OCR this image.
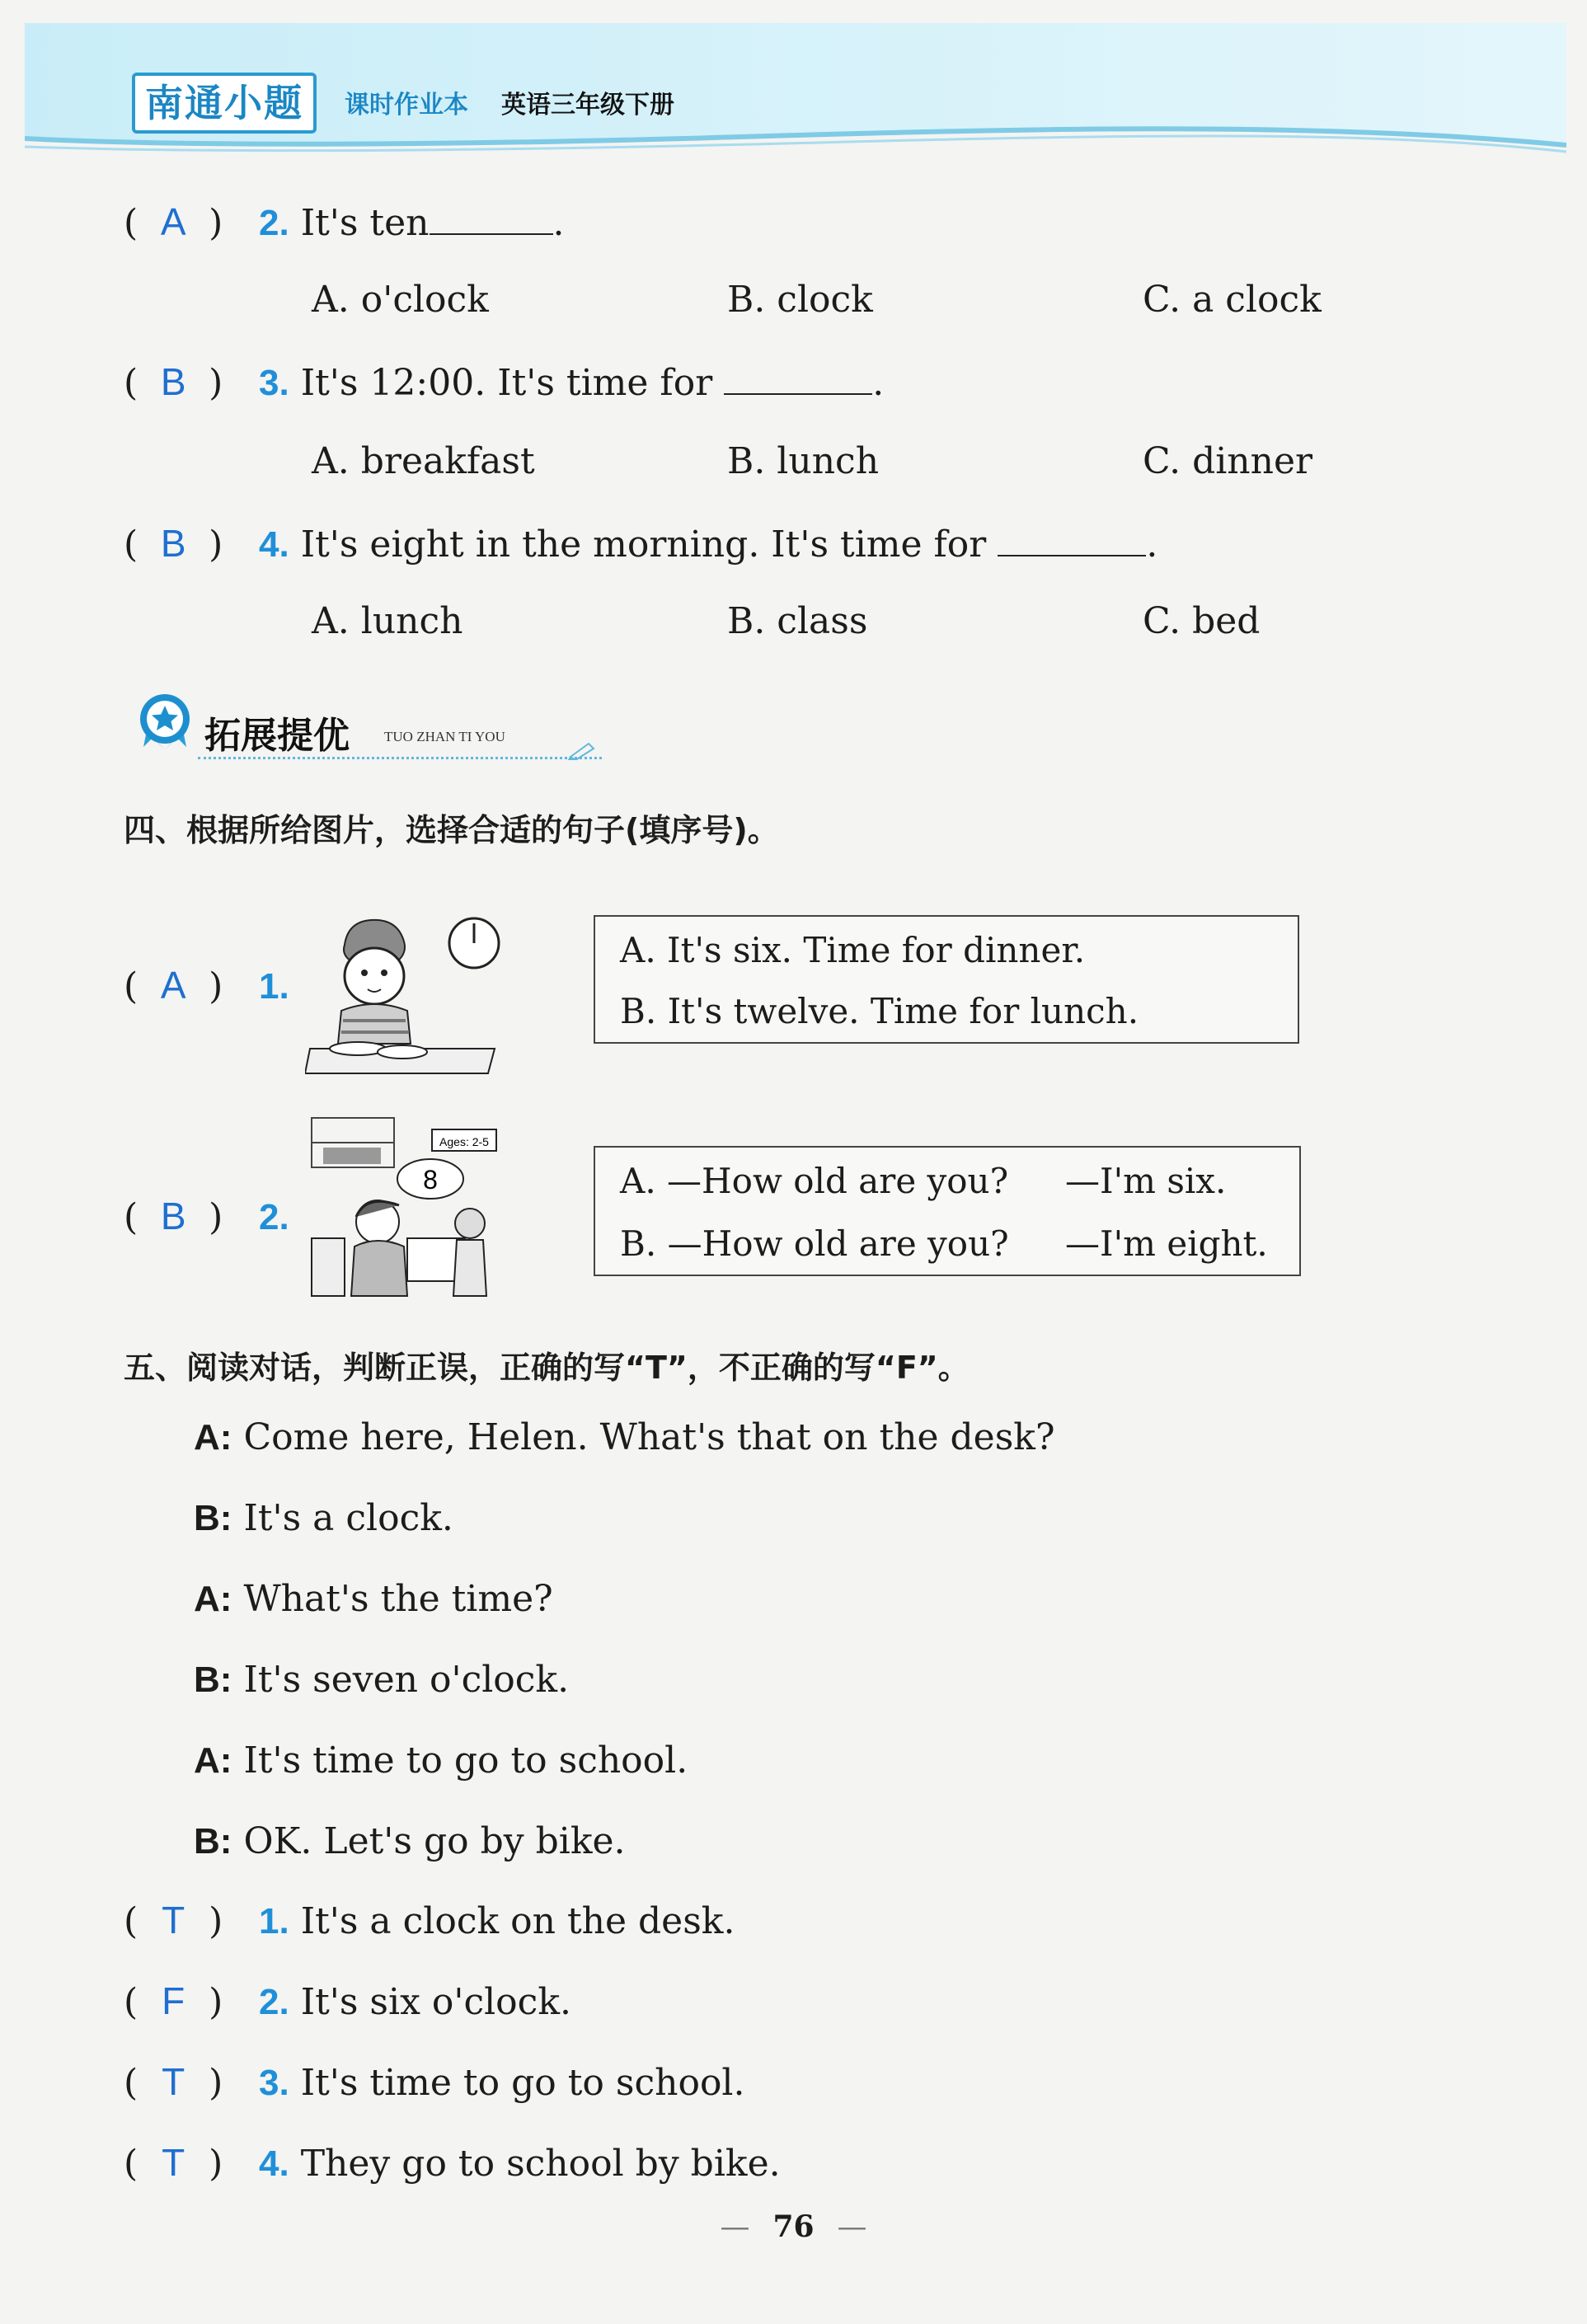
南通小题	课时作业本 英语三年级下册
( A ) 2. It's ten	.
A. o'clock	B. clock	C. a clock
( B ) 3. It's 12:00. It's time for	.
A. breakfast	B. lunch	C. dinner
( B ) 4. It's eight in the morning. It's time for	.
A. lunch	B. class	C. bed
拓展提优 TUO ZHAN TI YOU
四、根据所给图片，选择合适的句子(填序号)。
( A ) 1.
A. It's six. Time for dinner.
B. It's twelve. Time for lunch.
( B ) 2.
Ages: 2-5
8	A. —How old are you? —I'm six.
B. —How old are you? —I'm eight.
五、阅读对话，判断正误，正确的写“T”，不正确的写“F”。
A: Come here, Helen. What's that on the desk?
B: It's a clock.
A: What's the time?
B: It's seven o'clock.
A: It's time to go to school.
B: OK. Let's go by bike.
( T ) 1. It's a clock on the desk.
( F ) 2. It's six o'clock.
( T ) 3. It's time to go to school.
( T ) 4. They go to school by bike.
— 76 —
